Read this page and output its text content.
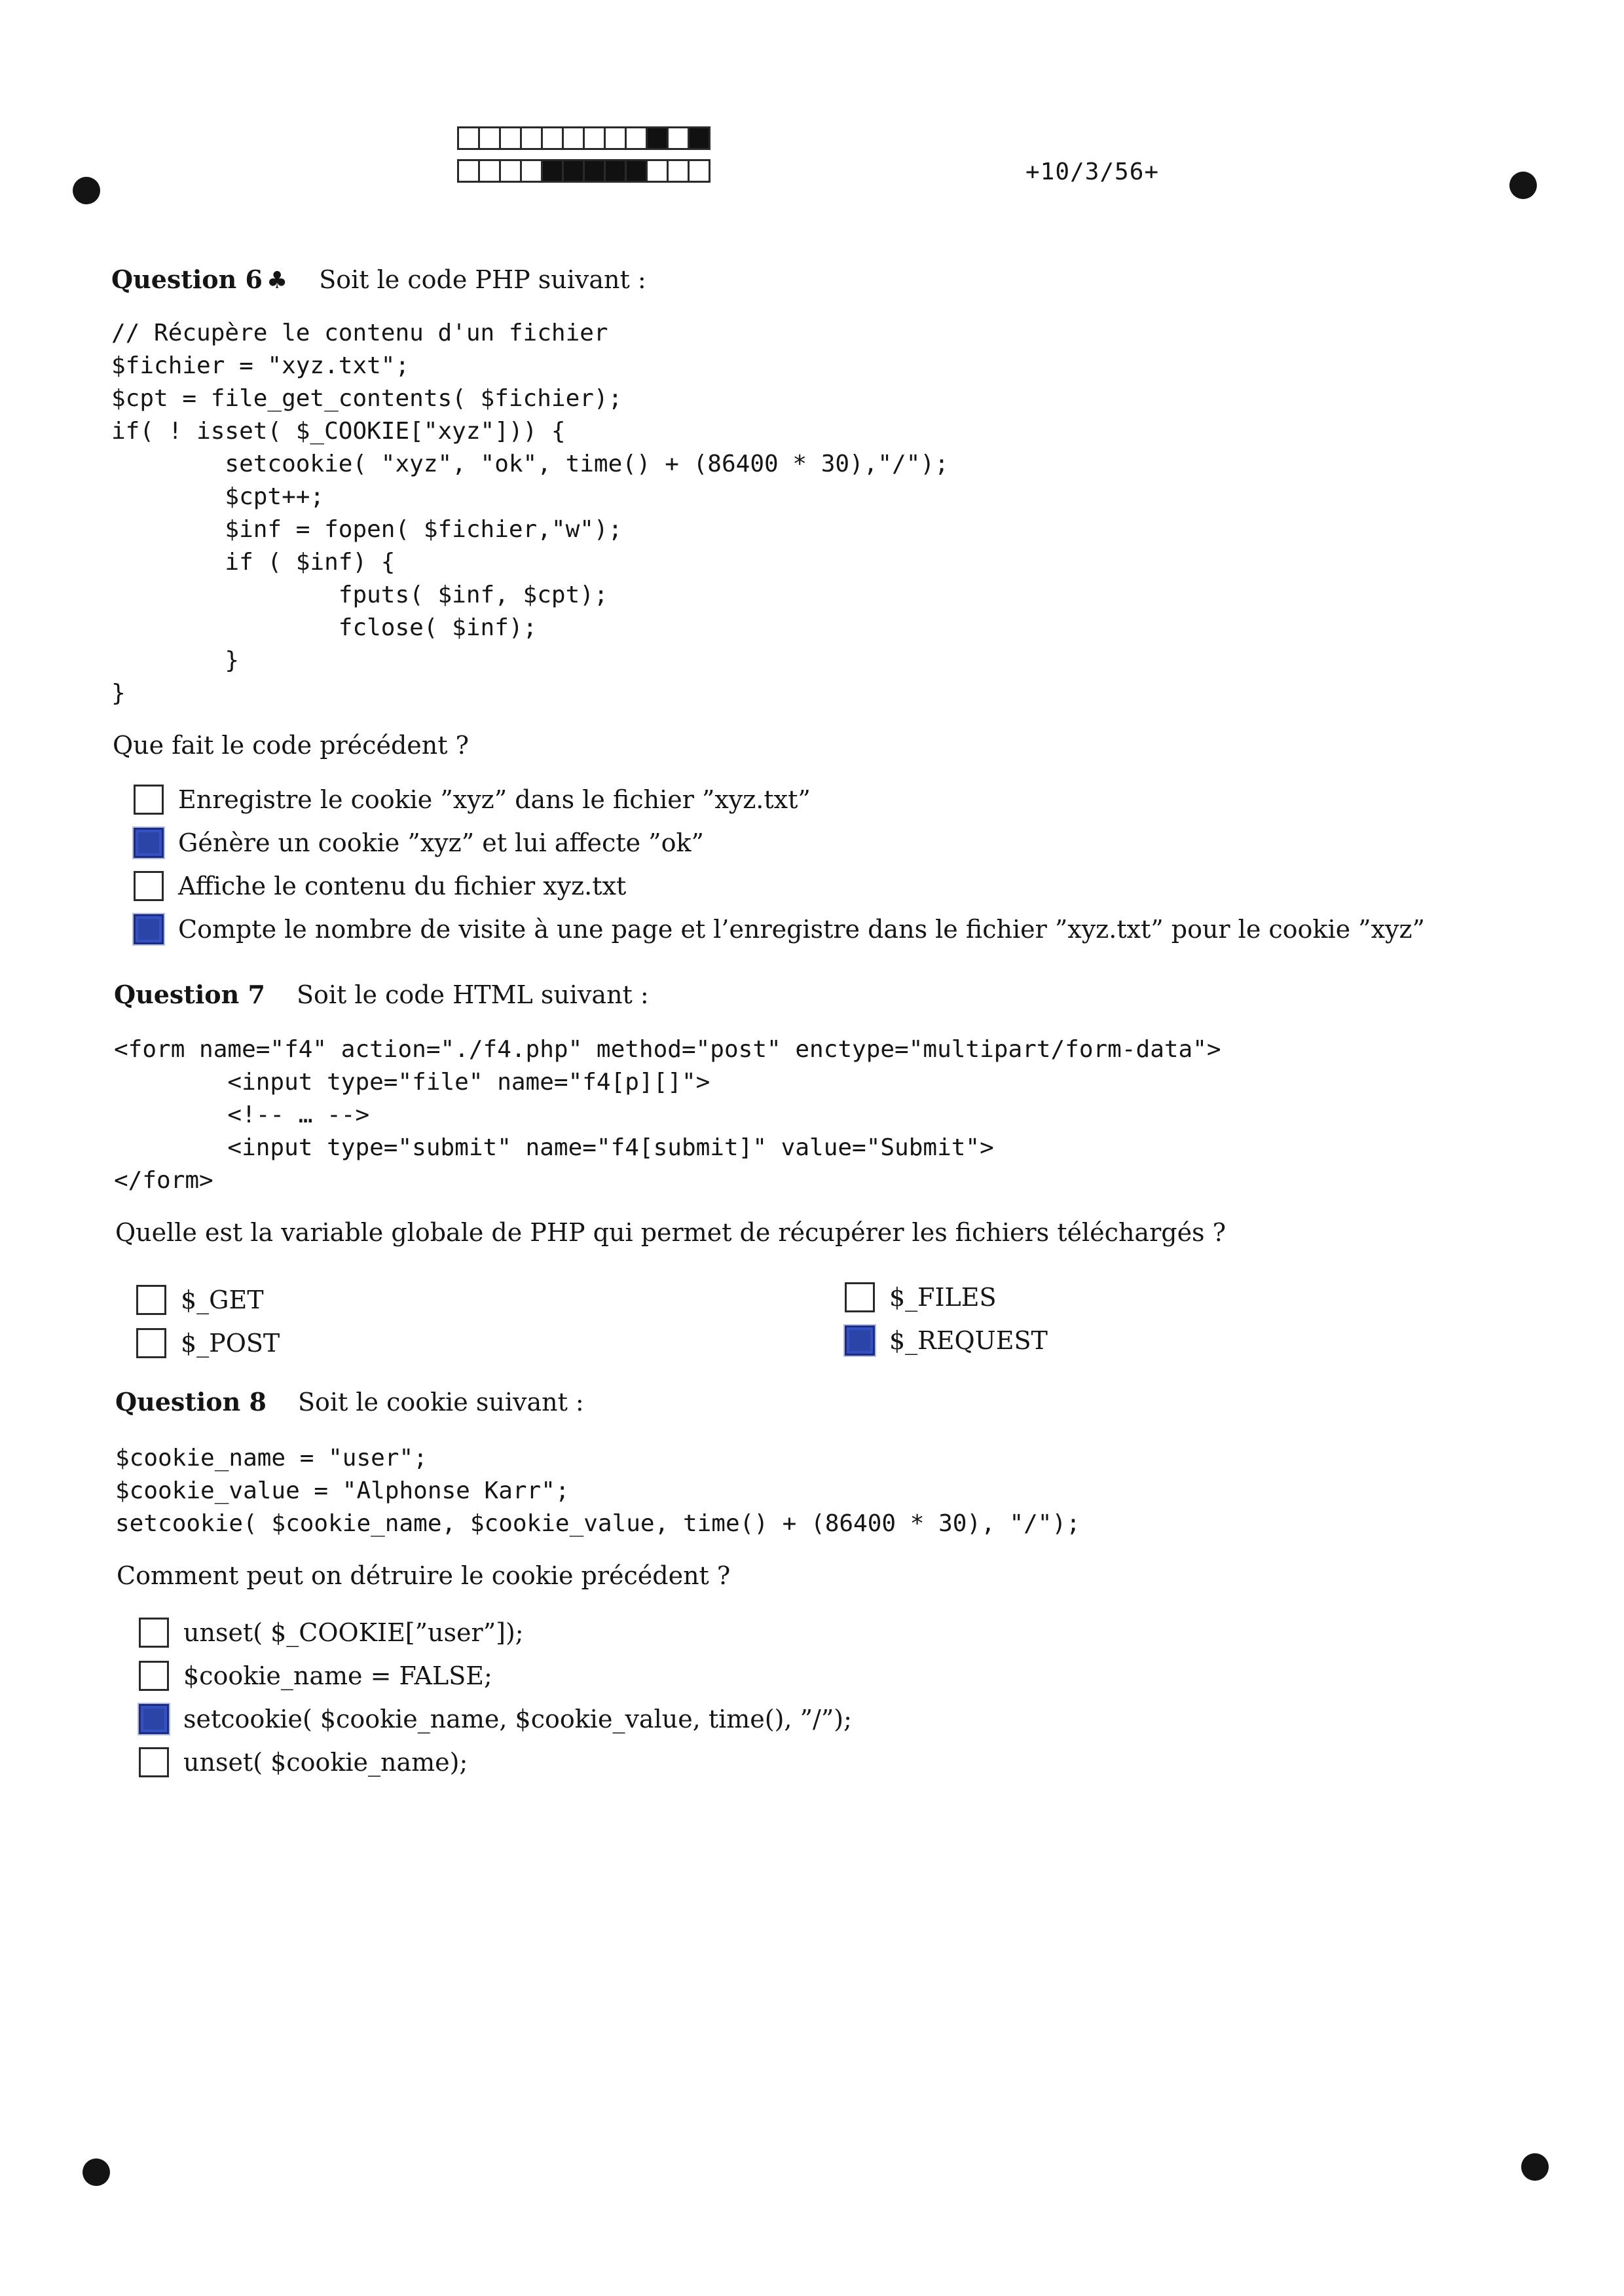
+10/3/56+
Question 6 ♣ Soit le code PHP suivant :
// Récupère le contenu d'un fichier
$fichier = "xyz.txt";
$cpt = file_get_contents( $fichier);
if( ! isset( $_COOKIE["xyz"])) {
setcookie( "xyz", "ok", time() + (86400 * 30),"/");
$cpt++;
$inf = fopen( $fichier,"w");
if ( $inf) {
fputs( $inf, $cpt);
fclose( $inf);
}
}
Que fait le code précédent ?
Enregistre le cookie ”xyz” dans le fichier ”xyz.txt”
Génère un cookie ”xyz” et lui affecte ”ok”
Affiche le contenu du fichier xyz.txt
Compte le nombre de visite à une page et l’enregistre dans le fichier ”xyz.txt” pour le cookie ”xyz”
Question 7 Soit le code HTML suivant :
<form name="f4" action="./f4.php" method="post" enctype="multipart/form-data">
<input type="file" name="f4[p][]">
<!-- … -->
<input type="submit" name="f4[submit]" value="Submit">
</form>
Quelle est la variable globale de PHP qui permet de récupérer les fichiers téléchargés ?
$_GET
$_POST
$_FILES
$_REQUEST
Question 8 Soit le cookie suivant :
$cookie_name = "user";
$cookie_value = "Alphonse Karr";
setcookie( $cookie_name, $cookie_value, time() + (86400 * 30), "/");
Comment peut on détruire le cookie précédent ?
unset( $_COOKIE[”user”]);
$cookie_name = FALSE;
setcookie( $cookie_name, $cookie_value, time(), ”/”);
unset( $cookie_name);
